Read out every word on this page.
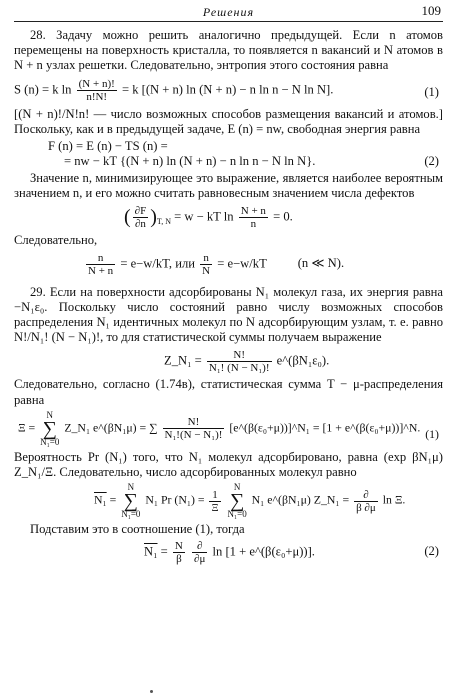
Решения	109

28. Задачу можно решить аналогично предыдущей. Если n атомов перемещены на поверхность кристалла, то появляется n вакансий и N атомов в N + n узлах решетки. Следовательно, энтропия этого состояния равна

S (n) = k $\ln \frac{(N + n)!}{n!N!} = k$ [(N + n) ln (N + n) − n ln n − N ln N].	(1)

[(N + n)!/N!n! — число возможных способов размещения вакансий и атомов.] Поскольку, как и в предыдущей задаче, E (n) = nw, свободная энергия равна

F (n) = E (n) − TS (n) =
= nw − kT {(N + n) ln (N + n) − n ln n − N ln N}.	(2)

Значение n, минимизирующее это выражение, является наиболее вероятным значением n, и его можно считать равновесным значением числа дефектов

( $\frac{\partial F}{\partial n} )_{T, N} = w$ − kT $\ln \frac{N + n}{n} = 0$.

Следовательно,

$\frac{n}{N + n} = e-w/kT$, или $\frac{n}{N} = e-w/kT$ (n ≪ N).

29. Если на поверхности адсорбированы N₁ молекул газа, их энергия равна −N₁ε₀. Поскольку число состояний равно числу возможных способов распределения N₁ идентичных молекул по N адсорбирующим узлам, т. е. равно N!/N₁! (N − N₁)!, то для статистической суммы получаем выражение

Z_N₁ = $\frac{N!}{\text{N₁! (N − N₁)!}}$ e^(βN₁ε₀).

Следовательно, согласно (1.74в), статистическая сумма T − μ-распределения равна

Ξ = N
∑
N₁=0 Z_N₁ e^(βN₁μ) = ∑ $\frac{N!}{\text{N₁!(N − N₁)!}}$ [e^(β(ε₀+μ))]^N₁ = [1 + e^(β(ε₀+μ))]^N. (1)

Вероятность Pr (N₁) того, что N₁ молекул адсорбировано, равна (exp βN₁μ) Z_N₁/Ξ. Следовательно, число адсорбированных молекул равно

N₁ = N
∑
N₁=0 N₁ Pr $(N_1) = \frac{1}{\Xi}$
N
∑
N₁=0 N₁ e^(βN₁μ) Z_N₁ = $\frac{\partial}{\beta \partial\mu}$ ln Ξ.

Подставим это в соотношение (1), тогда

$N_1 = \frac{N}{\beta}$
$\frac{\partial}{\partial\mu}$ ln [1 + e^(β(ε₀+μ))].	(2)
